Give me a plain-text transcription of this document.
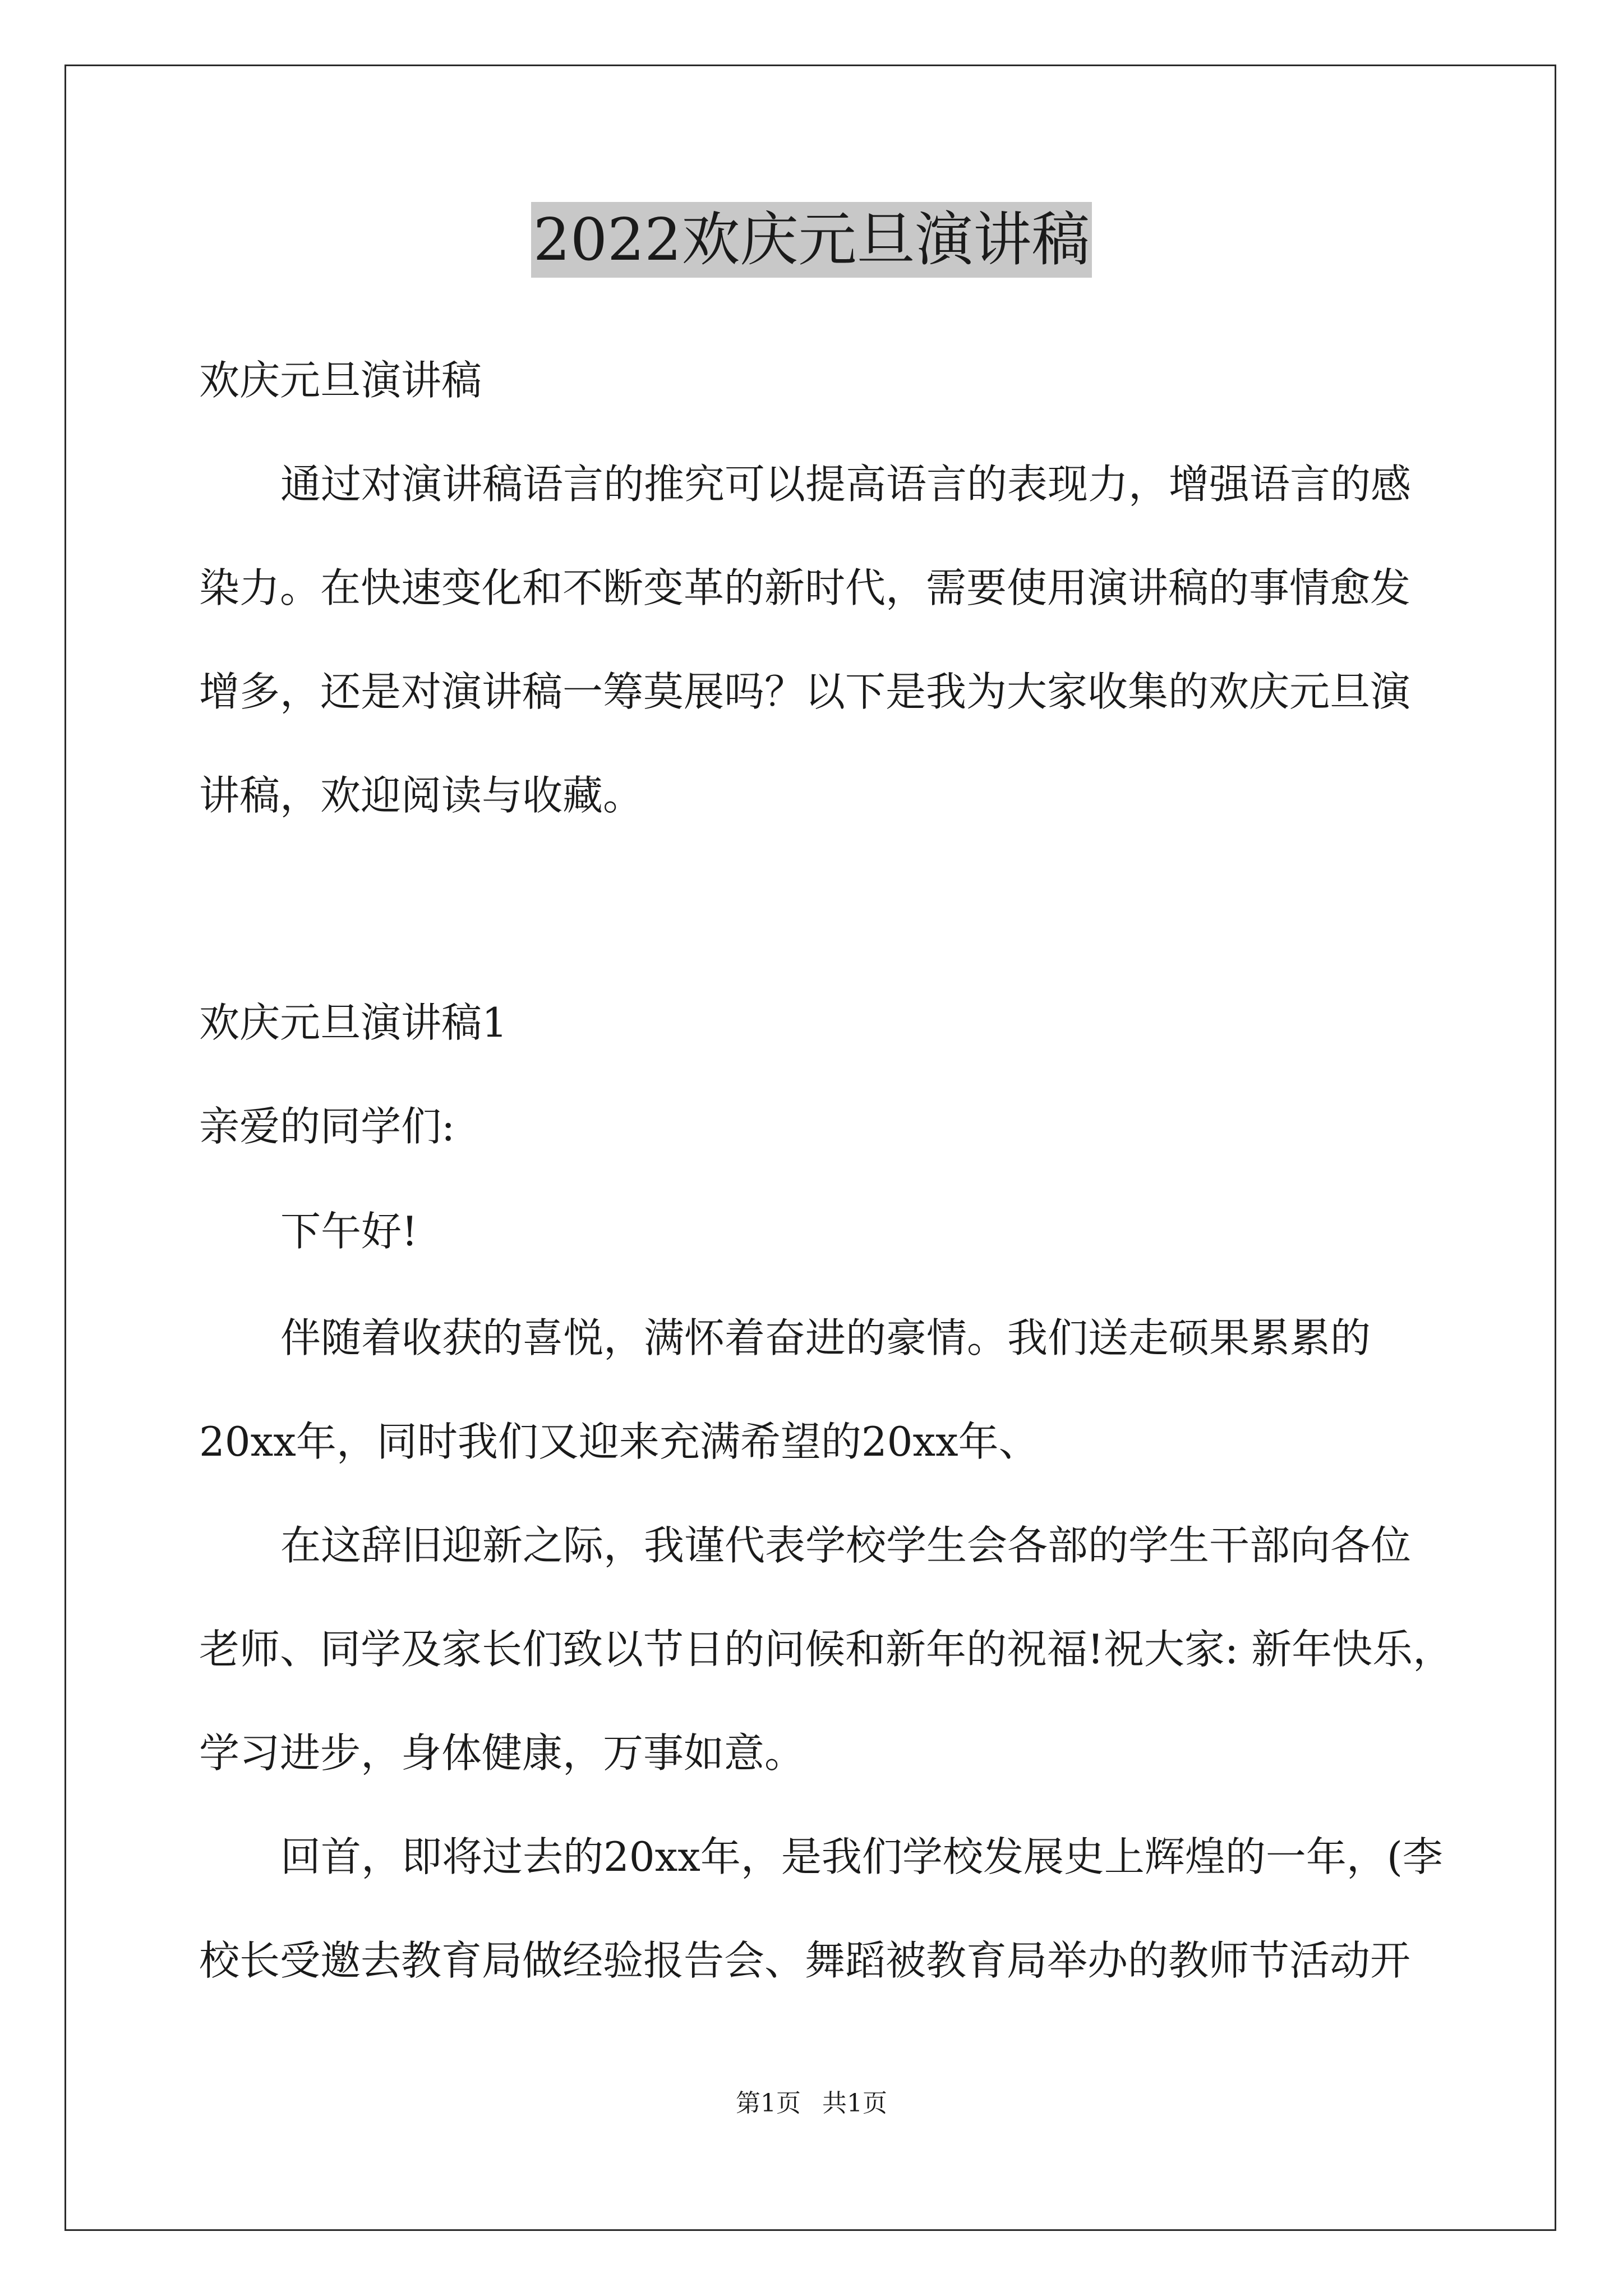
2022欢庆元旦演讲稿
欢庆元旦演讲稿
通过对演讲稿语言的推究可以提高语言的表现力，增强语言的感
染力。在快速变化和不断变革的新时代，需要使用演讲稿的事情愈发
增多，还是对演讲稿一筹莫展吗？以下是我为大家收集的欢庆元旦演
讲稿，欢迎阅读与收藏。
欢庆元旦演讲稿1
亲爱的同学们:
下午好!
伴随着收获的喜悦，满怀着奋进的豪情。我们送走硕果累累的
20xx年，同时我们又迎来充满希望的20xx年、
在这辞旧迎新之际，我谨代表学校学生会各部的学生干部向各位
老师、同学及家长们致以节日的问候和新年的祝福!祝大家: 新年快乐，
学习进步，身体健康，万事如意。
回首，即将过去的20xx年，是我们学校发展史上辉煌的一年，(李
校长受邀去教育局做经验报告会、舞蹈被教育局举办的教师节活动开
第1页 共1页
